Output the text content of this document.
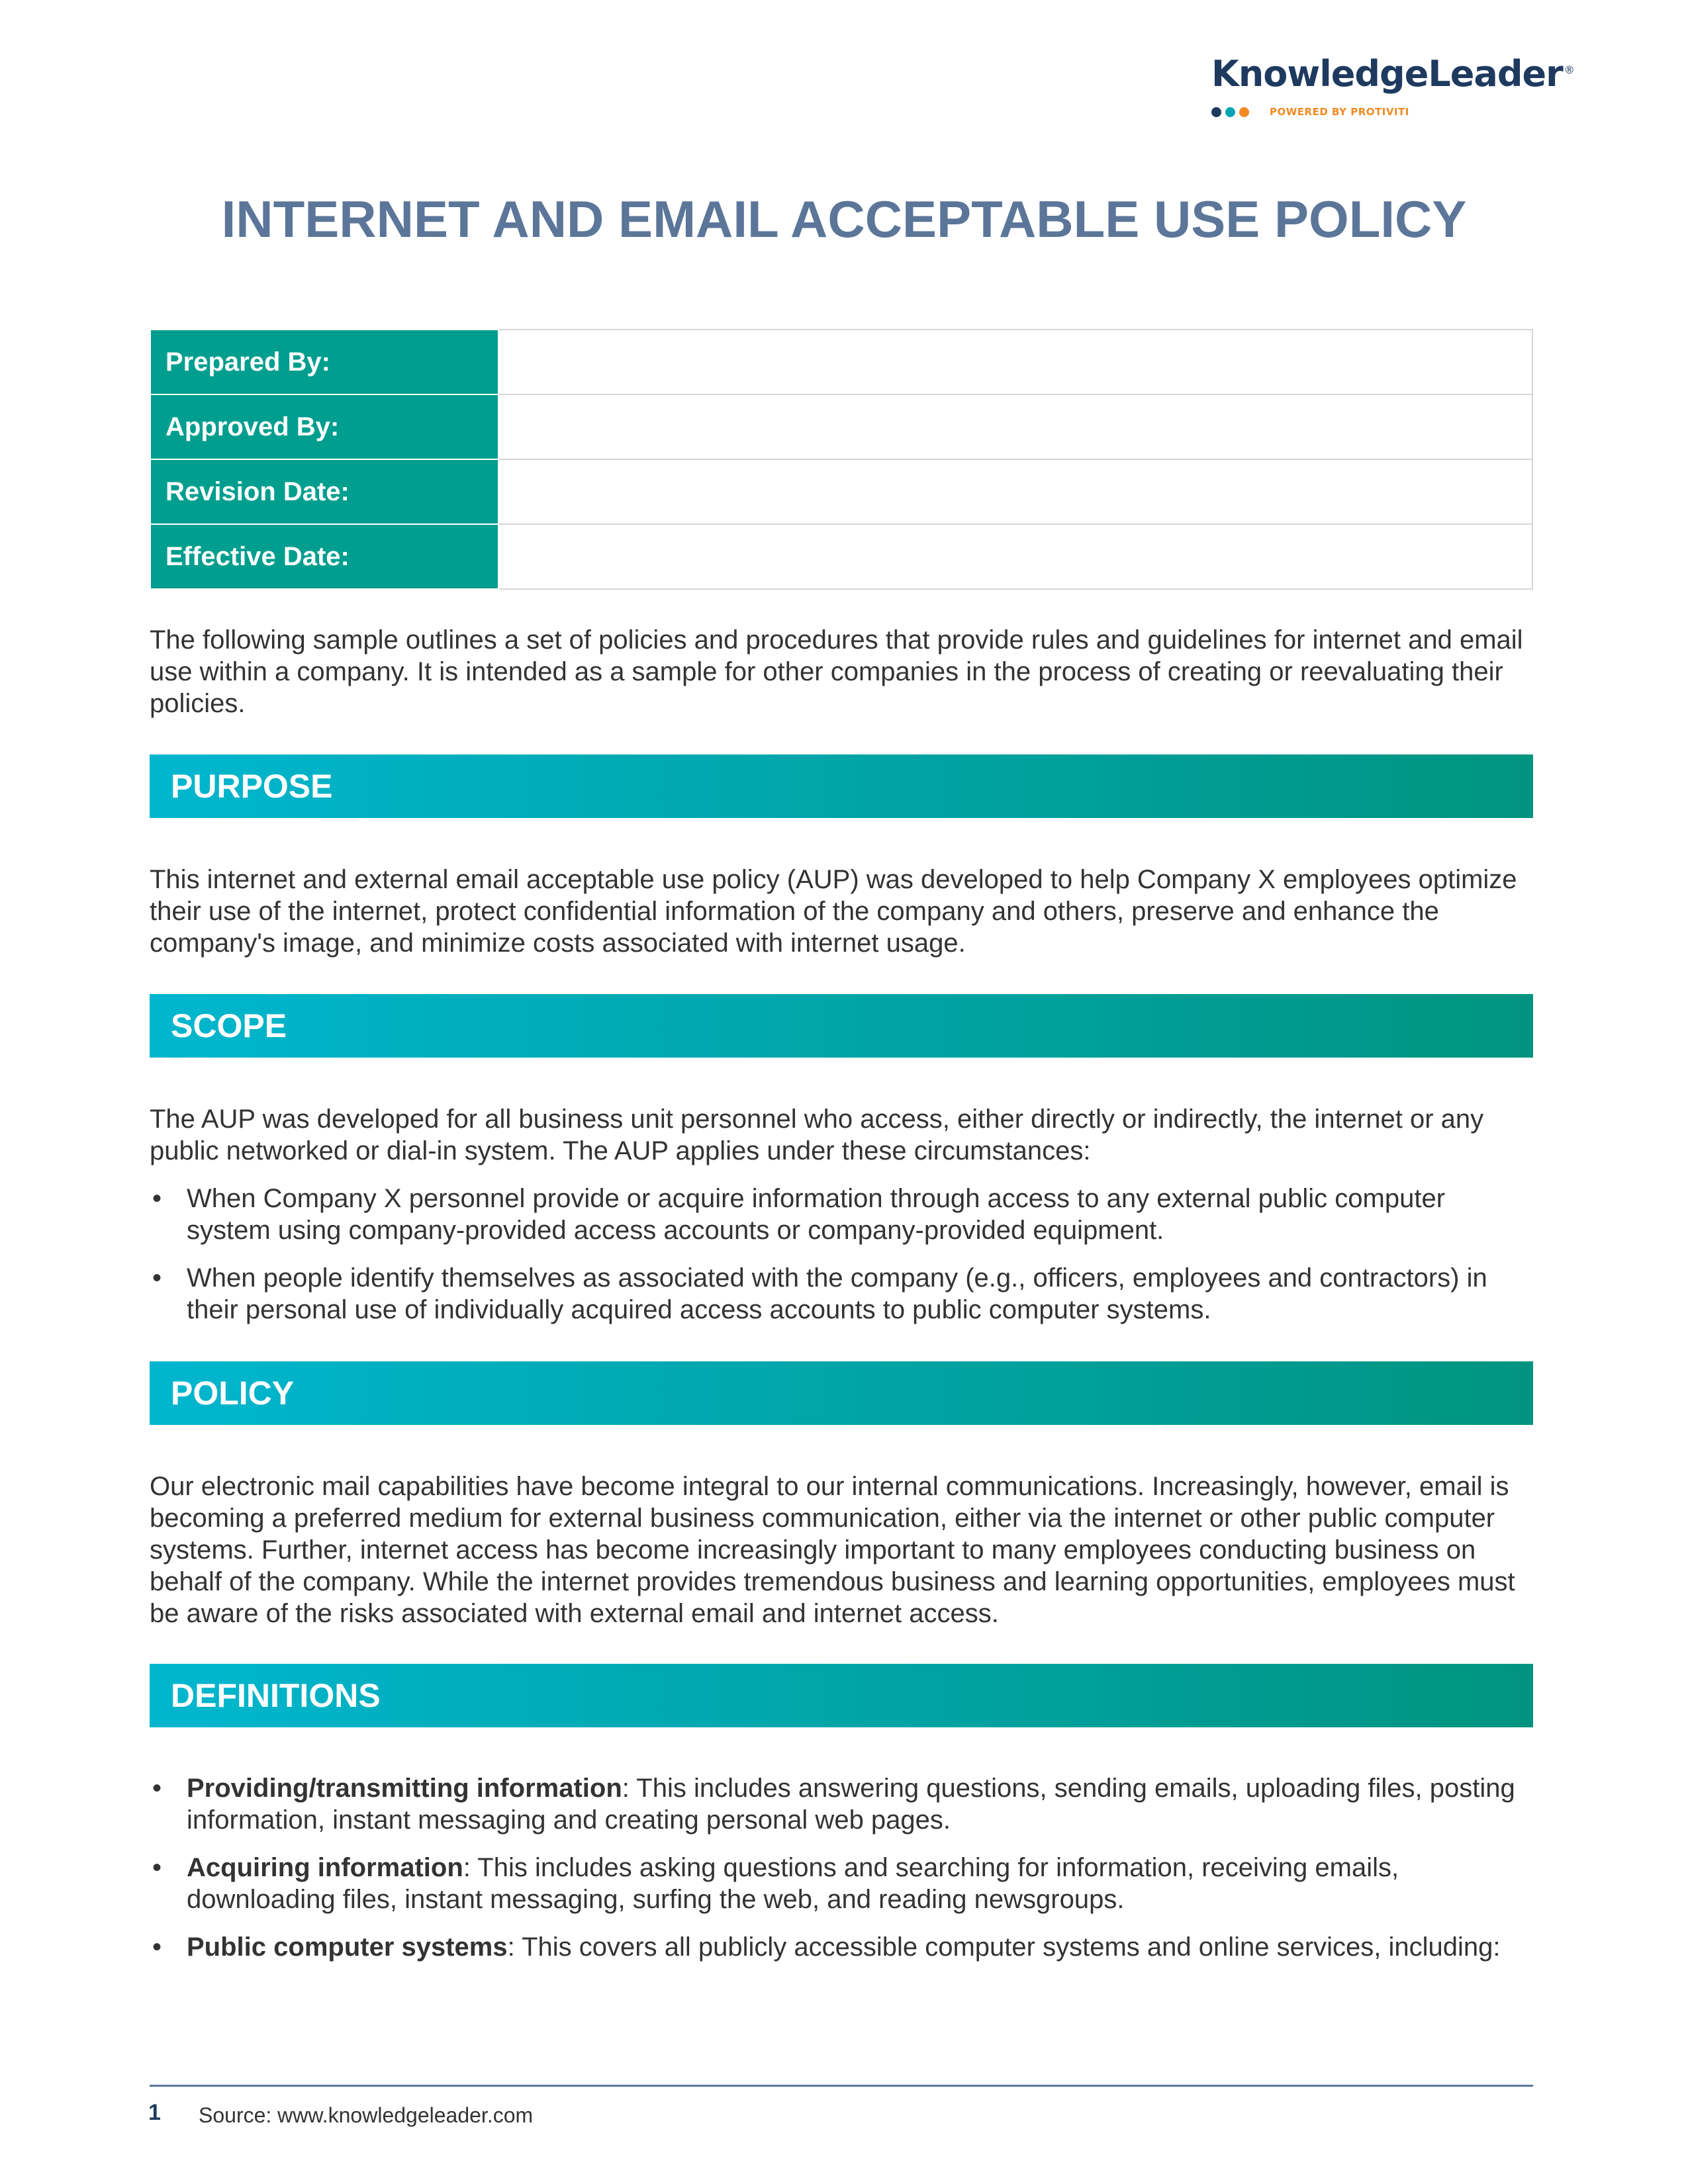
KnowledgeLeader ®
POWERED BY PROTIVITI
INTERNET AND EMAIL ACCEPTABLE USE POLICY
Prepared By:	
Approved By:	
Revision Date:	
Effective Date:	
The following sample outlines a set of policies and procedures that provide rules and guidelines for internet and email use within a company. It is intended as a sample for other companies in the process of creating or reevaluating their policies.
PURPOSE
This internet and external email acceptable use policy (AUP) was developed to help Company X employees optimize their use of the internet, protect confidential information of the company and others, preserve and enhance the company's image, and minimize costs associated with internet usage.
SCOPE
The AUP was developed for all business unit personnel who access, either directly or indirectly, the internet or any public networked or dial-in system. The AUP applies under these circumstances:
• When Company X personnel provide or acquire information through access to any external public computer system using company-provided access accounts or company-provided equipment.
• When people identify themselves as associated with the company (e.g., officers, employees and contractors) in their personal use of individually acquired access accounts to public computer systems.
POLICY
Our electronic mail capabilities have become integral to our internal communications. Increasingly, however, email is becoming a preferred medium for external business communication, either via the internet or other public computer systems. Further, internet access has become increasingly important to many employees conducting business on behalf of the company. While the internet provides tremendous business and learning opportunities, employees must be aware of the risks associated with external email and internet access.
DEFINITIONS
• Providing/transmitting information: This includes answering questions, sending emails, uploading files, posting information, instant messaging and creating personal web pages.
• Acquiring information: This includes asking questions and searching for information, receiving emails, downloading files, instant messaging, surfing the web, and reading newsgroups.
• Public computer systems: This covers all publicly accessible computer systems and online services, including:
1 Source: www.knowledgeleader.com
